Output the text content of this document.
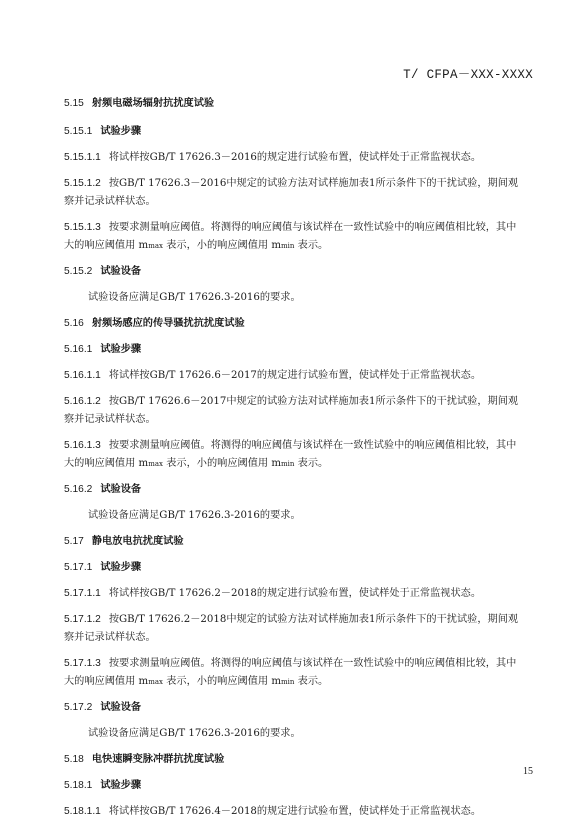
T/ CFPA－XXX-XXXX
5.15 射频电磁场辐射抗扰度试验
5.15.1 试验步骤
5.15.1.1 将试样按GB/T 17626.3－2016的规定进行试验布置，使试样处于正常监视状态。
5.15.1.2 按GB/T 17626.3－2016中规定的试验方法对试样施加表1所示条件下的干扰试验，期间观
察并记录试样状态。
5.15.1.3 按要求测量响应阈值。将测得的响应阈值与该试样在一致性试验中的响应阈值相比较，其中
大的响应阈值用 mmax 表示，小的响应阈值用 mmin 表示。
5.15.2 试验设备
试验设备应满足GB/T 17626.3-2016的要求。
5.16 射频场感应的传导骚扰抗扰度试验
5.16.1 试验步骤
5.16.1.1 将试样按GB/T 17626.6－2017的规定进行试验布置，使试样处于正常监视状态。
5.16.1.2 按GB/T 17626.6－2017中规定的试验方法对试样施加表1所示条件下的干扰试验，期间观
察并记录试样状态。
5.16.1.3 按要求测量响应阈值。将测得的响应阈值与该试样在一致性试验中的响应阈值相比较，其中
大的响应阈值用 mmax 表示，小的响应阈值用 mmin 表示。
5.16.2 试验设备
试验设备应满足GB/T 17626.3-2016的要求。
5.17 静电放电抗扰度试验
5.17.1 试验步骤
5.17.1.1 将试样按GB/T 17626.2－2018的规定进行试验布置，使试样处于正常监视状态。
5.17.1.2 按GB/T 17626.2－2018中规定的试验方法对试样施加表1所示条件下的干扰试验，期间观
察并记录试样状态。
5.17.1.3 按要求测量响应阈值。将测得的响应阈值与该试样在一致性试验中的响应阈值相比较，其中
大的响应阈值用 mmax 表示，小的响应阈值用 mmin 表示。
5.17.2 试验设备
试验设备应满足GB/T 17626.3-2016的要求。
5.18 电快速瞬变脉冲群抗扰度试验
5.18.1 试验步骤
5.18.1.1 将试样按GB/T 17626.4－2018的规定进行试验布置，使试样处于正常监视状态。
15
